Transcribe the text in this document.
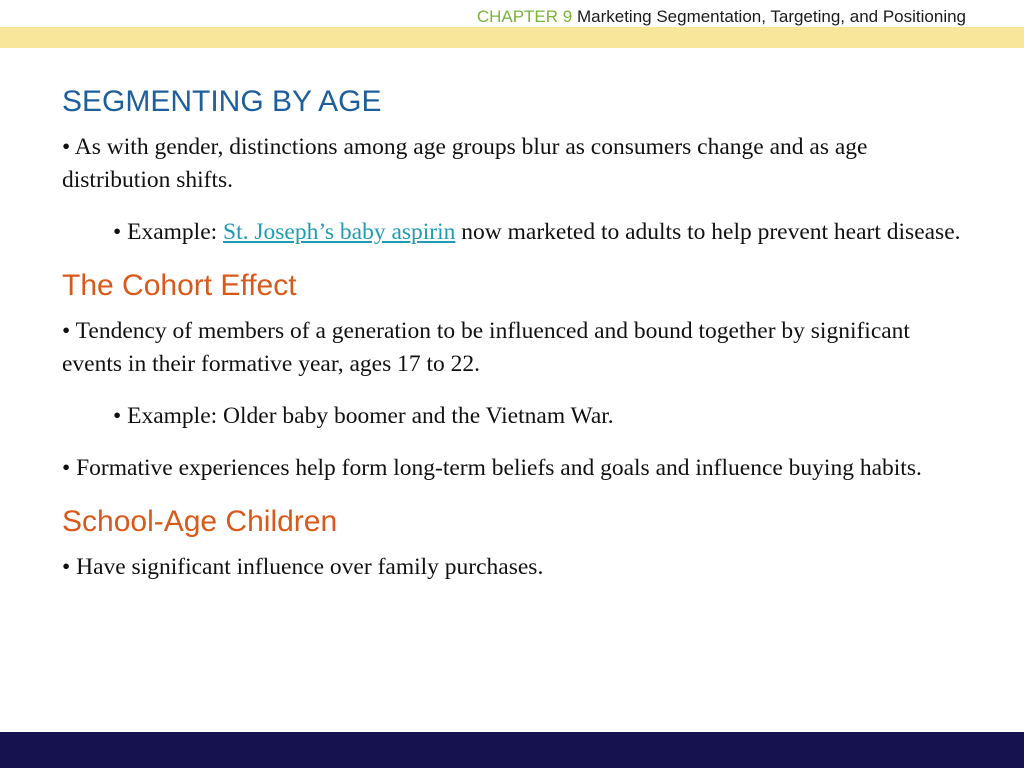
CHAPTER 9 Marketing Segmentation, Targeting, and Positioning
SEGMENTING BY AGE
• As with gender, distinctions among age groups blur as consumers change and as age distribution shifts.
• Example: St. Joseph’s baby aspirin now marketed to adults to help prevent heart disease.
The Cohort Effect
• Tendency of members of a generation to be influenced and bound together by significant events in their formative year, ages 17 to 22.
• Example: Older baby boomer and the Vietnam War.
• Formative experiences help form long-term beliefs and goals and influence buying habits.
School-Age Children
• Have significant influence over family purchases.
